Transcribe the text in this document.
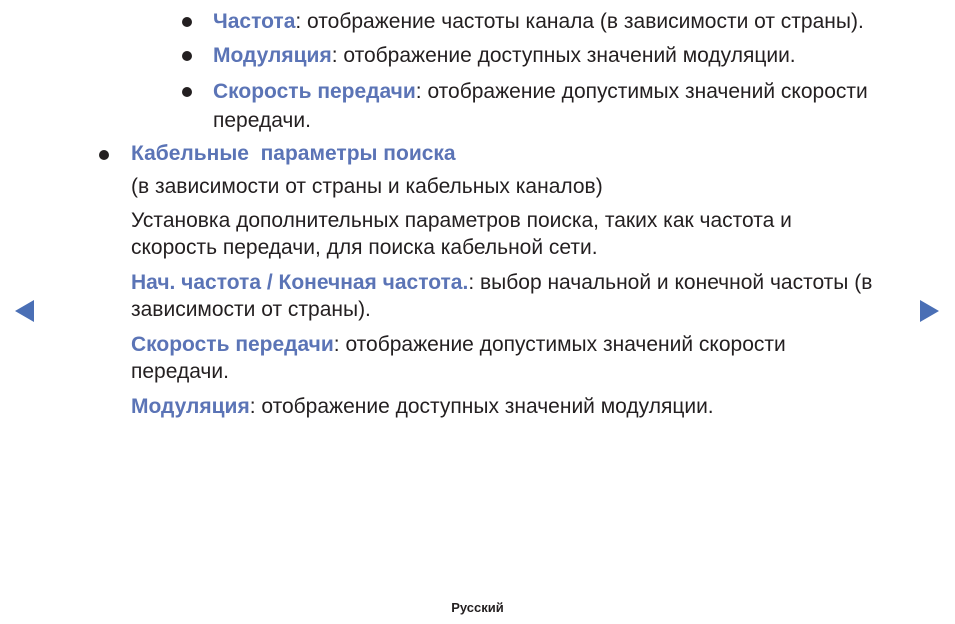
Частота: отображение частоты канала (в зависимости от страны).
Модуляция: отображение доступных значений модуляции.
Скорость передачи: отображение допустимых значений скорости
передачи.
Кабельные  параметры поиска
(в зависимости от страны и кабельных каналов)
Установка дополнительных параметров поиска, таких как частота и
скорость передачи, для поиска кабельной сети.
Нач. частота / Конечная частота.: выбор начальной и конечной частоты (в
зависимости от страны).
Скорость передачи: отображение допустимых значений скорости
передачи.
Модуляция: отображение доступных значений модуляции.
Русский
